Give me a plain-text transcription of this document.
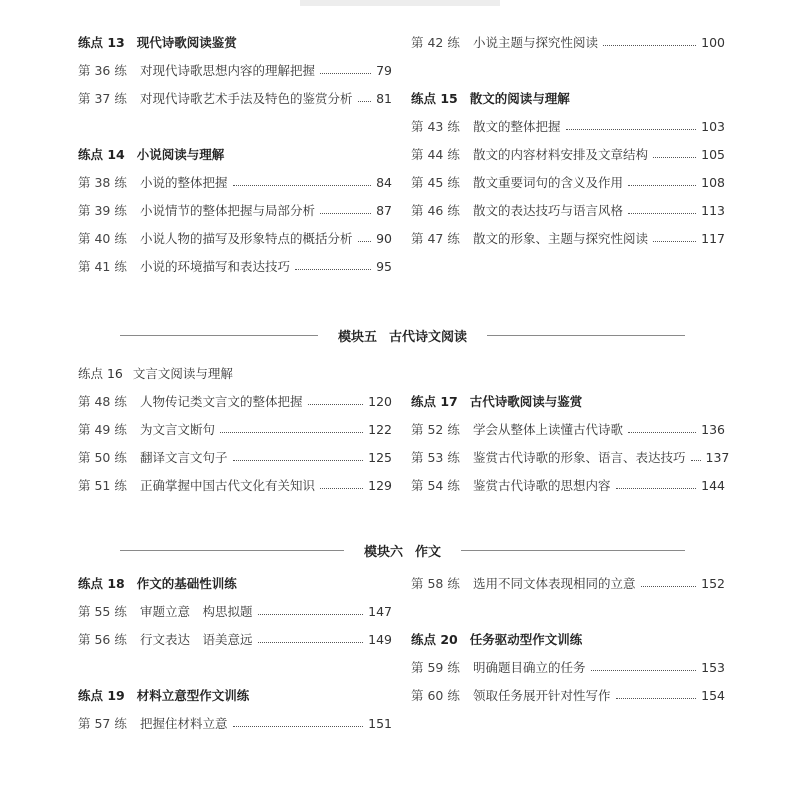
练点 13 现代诗歌阅读鉴赏
第 36 练	对现代诗歌思想内容的理解把握	79
第 37 练	对现代诗歌艺术手法及特色的鉴赏分析 81
练点 14 小说阅读与理解
第 38 练	小说的整体把握	84
第 39 练	小说情节的整体把握与局部分析	87
第 40 练	小说人物的描写及形象特点的概括分析 90
第 41 练	小说的环境描写和表达技巧	95
第 42 练	小说主题与探究性阅读	100
练点 15 散文的阅读与理解
第 43 练	散文的整体把握	103
第 44 练	散文的内容材料安排及文章结构	105
第 45 练	散文重要词句的含义及作用	108
第 46 练	散文的表达技巧与语言风格	113
第 47 练	散文的形象、主题与探究性阅读	117
模块五 古代诗文阅读
练点 16 文言文阅读与理解
第 48 练	人物传记类文言文的整体把握	120
第 49 练	为文言文断句	122
第 50 练	翻译文言文句子	125
第 51 练	正确掌握中国古代文化有关知识	129
练点 17 古代诗歌阅读与鉴赏
第 52 练	学会从整体上读懂古代诗歌	136
第 53 练	鉴赏古代诗歌的形象、语言、表达技巧 137
第 54 练	鉴赏古代诗歌的思想内容	144
模块六 作文
练点 18 作文的基础性训练
第 55 练	审题立意　构思拟题	147
第 56 练	行文表达　语美意远	149
练点 19 材料立意型作文训练
第 57 练	把握住材料立意	151
第 58 练	选用不同文体表现相同的立意	152
练点 20 任务驱动型作文训练
第 59 练	明确题目确立的任务	153
第 60 练	领取任务展开针对性写作	154
